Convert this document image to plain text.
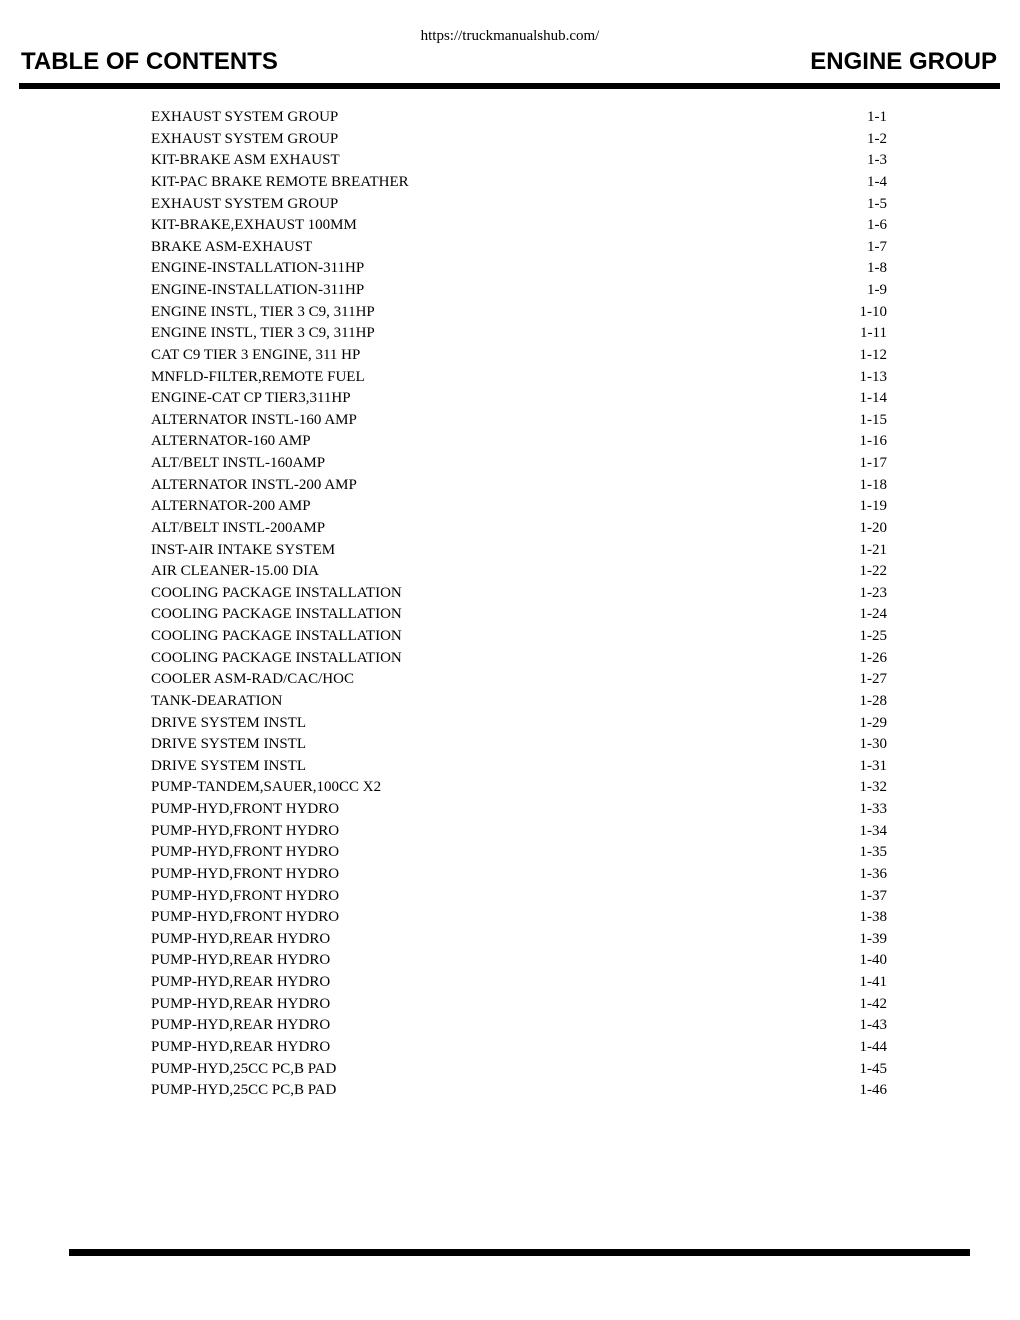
https://truckmanualshub.com/
TABLE OF CONTENTS	ENGINE GROUP
EXHAUST SYSTEM GROUP	1-1
EXHAUST SYSTEM GROUP	1-2
KIT-BRAKE ASM EXHAUST	1-3
KIT-PAC BRAKE REMOTE BREATHER	1-4
EXHAUST SYSTEM GROUP	1-5
KIT-BRAKE,EXHAUST 100MM	1-6
BRAKE ASM-EXHAUST	1-7
ENGINE-INSTALLATION-311HP	1-8
ENGINE-INSTALLATION-311HP	1-9
ENGINE INSTL, TIER 3 C9, 311HP	1-10
ENGINE INSTL, TIER 3 C9, 311HP	1-11
CAT C9 TIER 3 ENGINE, 311 HP	1-12
MNFLD-FILTER,REMOTE FUEL	1-13
ENGINE-CAT CP TIER3,311HP	1-14
ALTERNATOR INSTL-160 AMP	1-15
ALTERNATOR-160 AMP	1-16
ALT/BELT INSTL-160AMP	1-17
ALTERNATOR INSTL-200 AMP	1-18
ALTERNATOR-200 AMP	1-19
ALT/BELT INSTL-200AMP	1-20
INST-AIR INTAKE SYSTEM	1-21
AIR CLEANER-15.00 DIA	1-22
COOLING PACKAGE INSTALLATION	1-23
COOLING PACKAGE INSTALLATION	1-24
COOLING PACKAGE INSTALLATION	1-25
COOLING PACKAGE INSTALLATION	1-26
COOLER ASM-RAD/CAC/HOC	1-27
TANK-DEARATION	1-28
DRIVE SYSTEM INSTL	1-29
DRIVE SYSTEM INSTL	1-30
DRIVE SYSTEM INSTL	1-31
PUMP-TANDEM,SAUER,100CC X2	1-32
PUMP-HYD,FRONT HYDRO	1-33
PUMP-HYD,FRONT HYDRO	1-34
PUMP-HYD,FRONT HYDRO	1-35
PUMP-HYD,FRONT HYDRO	1-36
PUMP-HYD,FRONT HYDRO	1-37
PUMP-HYD,FRONT HYDRO	1-38
PUMP-HYD,REAR HYDRO	1-39
PUMP-HYD,REAR HYDRO	1-40
PUMP-HYD,REAR HYDRO	1-41
PUMP-HYD,REAR HYDRO	1-42
PUMP-HYD,REAR HYDRO	1-43
PUMP-HYD,REAR HYDRO	1-44
PUMP-HYD,25CC PC,B PAD	1-45
PUMP-HYD,25CC PC,B PAD	1-46
